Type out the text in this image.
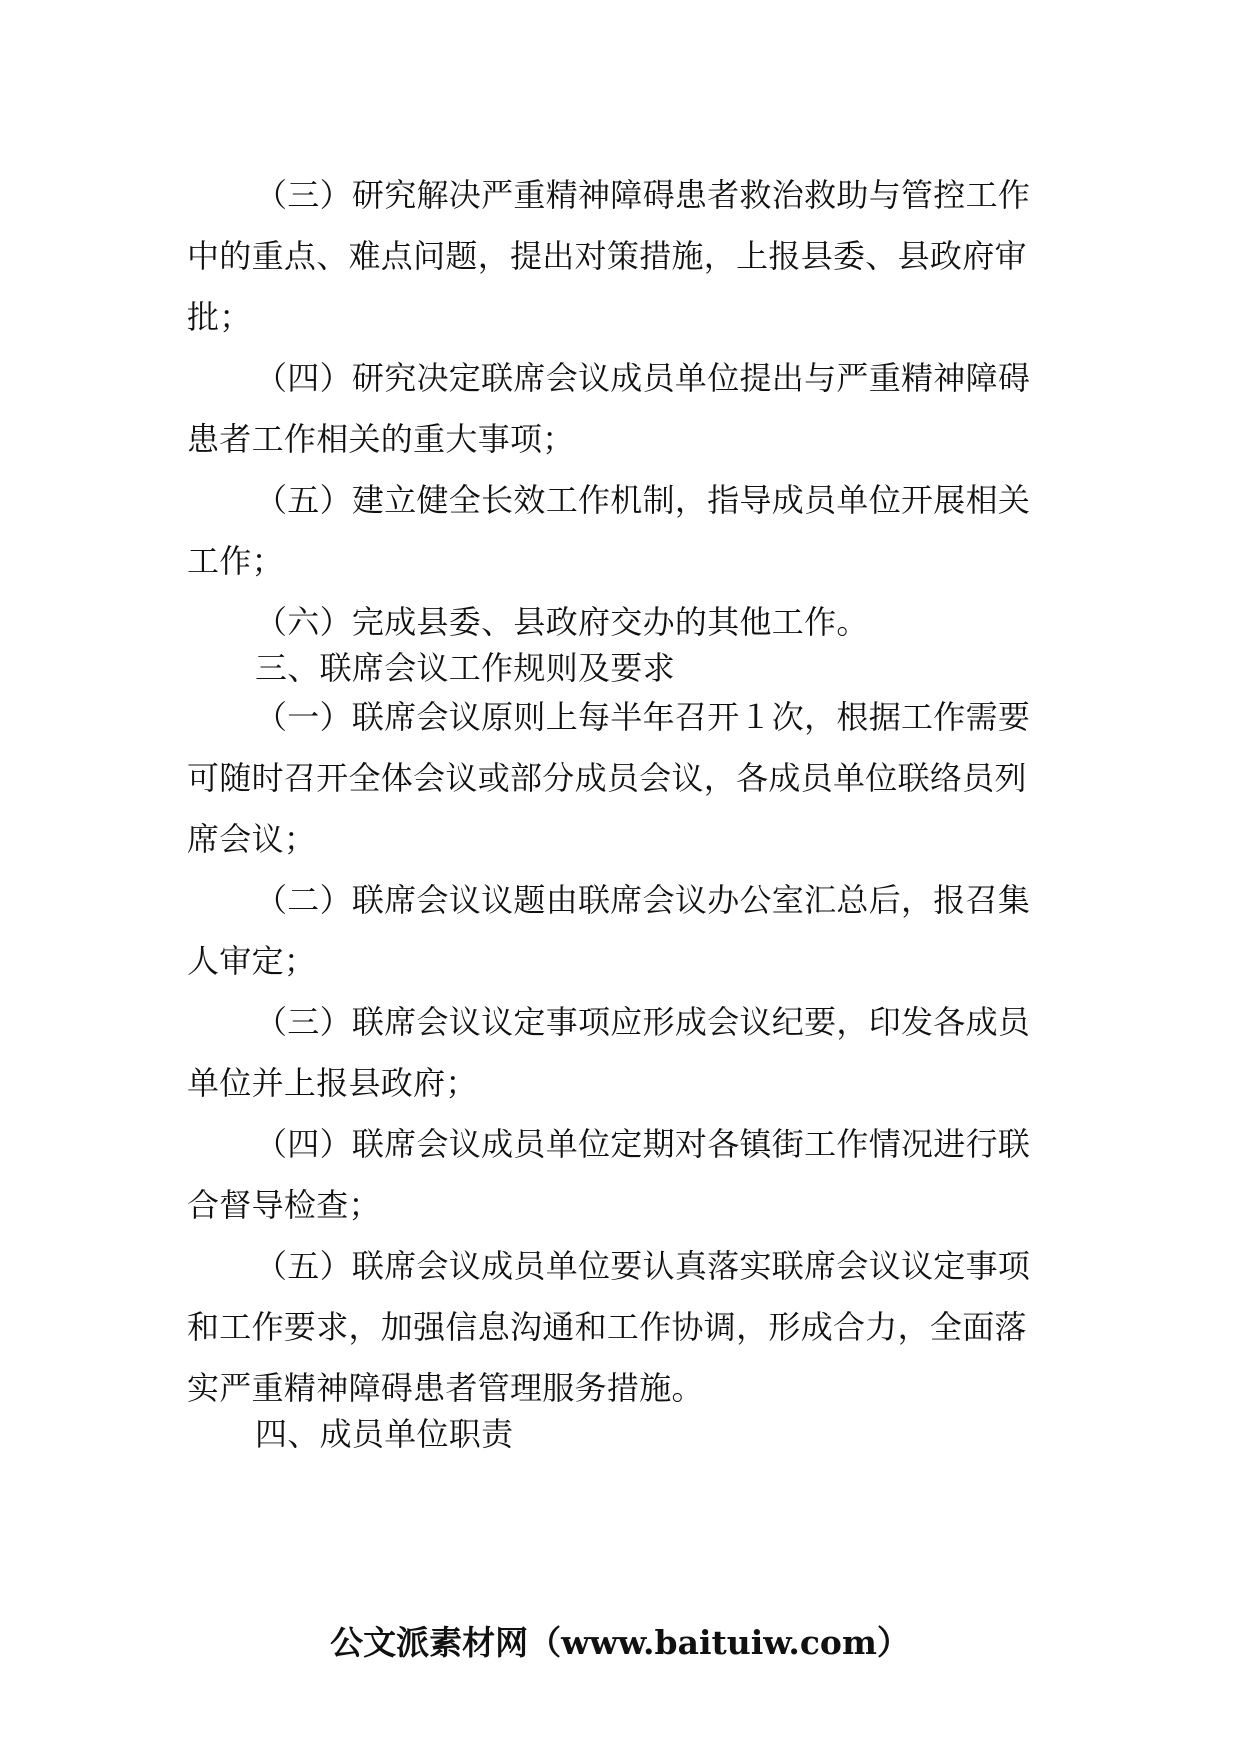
（三）研究解决严重精神障碍患者救治救助与管控工作
中的重点、难点问题，提出对策措施，上报县委、县政府审
批；
（四）研究决定联席会议成员单位提出与严重精神障碍
患者工作相关的重大事项；
（五）建立健全长效工作机制，指导成员单位开展相关
工作；
（六）完成县委、县政府交办的其他工作。
三、联席会议工作规则及要求
（一）联席会议原则上每半年召开１次，根据工作需要
可随时召开全体会议或部分成员会议，各成员单位联络员列
席会议；
（二）联席会议议题由联席会议办公室汇总后，报召集
人审定；
（三）联席会议议定事项应形成会议纪要，印发各成员
单位并上报县政府；
（四）联席会议成员单位定期对各镇街工作情况进行联
合督导检查；
（五）联席会议成员单位要认真落实联席会议议定事项
和工作要求，加强信息沟通和工作协调，形成合力，全面落
实严重精神障碍患者管理服务措施。
四、成员单位职责
公文派素材网（www.baituiw.com）
